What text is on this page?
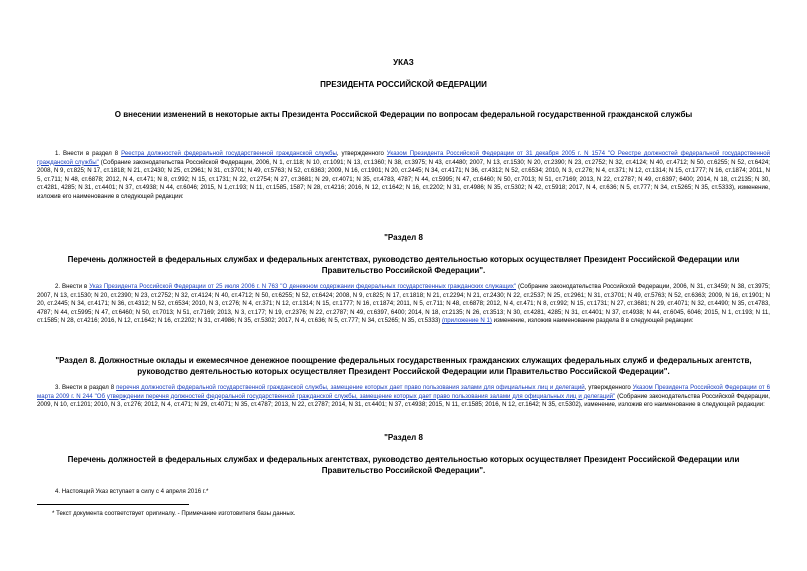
УКАЗ
ПРЕЗИДЕНТА РОССИЙСКОЙ ФЕДЕРАЦИИ
О внесении изменений в некоторые акты Президента Российской Федерации по вопросам федеральной государственной гражданской службы
1. Внести в раздел 8 Реестра должностей федеральной государственной гражданской службы, утвержденного Указом Президента Российской Федерации от 31 декабря 2005 г. N 1574 "О Реестре должностей федеральной государственной гражданской службы" (Собрание законодательства Российской Федерации, 2006, N 1, ст.118; N 10, ст.1091; N 13, ст.1360; N 38, ст.3975; N 43, ст.4480; 2007, N 13, ст.1530; N 20, ст.2390; N 23, ст.2752; N 32, ст.4124; N 40, ст.4712; N 50, ст.6255; N 52, ст.6424; 2008, N 9, ст.825; N 17, ст.1818; N 21, ст.2430; N 25, ст.2961; N 31, ст.3701; N 49, ст.5763; N 52, ст.6363; 2009, N 16, ст.1901; N 20, ст.2445; N 34, ст.4171; N 36, ст.4312; N 52, ст.6534; 2010, N 3, ст.276; N 4, ст.371; N 12, ст.1314; N 15, ст.1777; N 16, ст.1874; 2011, N 5, ст.711; N 48, ст.6878; 2012, N 4, ст.471; N 8, ст.992; N 15, ст.1731; N 22, ст.2754; N 27, ст.3681; N 29, ст.4071; N 35, ст.4783, 4787; N 44, ст.5995; N 47, ст.6460; N 50, ст.7013; N 51, ст.7169; 2013, N 22, ст.2787; N 49, ст.6397; 6400; 2014, N 18, ст.2135; N 30, ст.4281, 4285; N 31, ст.4401; N 37, ст.4938; N 44, ст.6046; 2015, N 1,ст.193; N 11, ст.1585, 1587; N 28, ст.4216; 2016, N 12, ст.1642; N 16, ст.2202; N 31, ст.4986; N 35, ст.5302; N 42, ст.5918; 2017, N 4, ст.636; N 5, ст.777; N 34, ст.5265; N 35, ст.5333), изменение, изложив его наименование в следующей редакции:
"Раздел 8
Перечень должностей в федеральных службах и федеральных агентствах, руководство деятельностью которых осуществляет Президент Российской Федерации или Правительство Российской Федерации".
2. Внести в Указ Президента Российской Федерации от 25 июля 2006 г. N 763 "О денежном содержании федеральных государственных гражданских служащих" (Собрание законодательства Российской Федерации, 2006, N 31, ст.3459; N 38, ст.3975; 2007, N 13, ст.1530; N 20, ст.2390; N 23, ст.2752; N 32, ст.4124; N 40, ст.4712; N 50, ст.6255; N 52, ст.6424; 2008, N 9, ст.825; N 17, ст.1818; N 21, ст.2294; N 21, ст.2430; N 22, ст.2537; N 25, ст.2961; N 31, ст.3701; N 49, ст.5763; N 52, ст.6363; 2009, N 16, ст.1901; N 20, ст.2445; N 34, ст.4171; N 36, ст.4312; N 52, ст.6534; 2010, N 3, ст.276; N 4, ст.371; N 12, ст.1314; N 15, ст.1777; N 16, ст.1874; 2011, N 5, ст.711; N 48, ст.6878; 2012, N 4, ст.471; N 8, ст.992; N 15, ст.1731; N 27, ст.3681; N 29, ст.4071; N 32, ст.4490; N 35, ст.4783, 4787; N 44, ст.5995; N 47, ст.6460; N 50, ст.7013; N 51, ст.7169; 2013, N 3, ст.177; N 19, ст.2376; N 22, ст.2787; N 49, ст.6397, 6400; 2014, N 18, ст.2135; N 26, ст.3513; N 30, ст.4281, 4285; N 31, ст.4401; N 37, ст.4938; N 44, ст.6045, 6046; 2015, N 1, ст.193; N 11, ст.1585; N 28, ст.4216; 2016, N 12, ст.1642; N 16, ст.2202; N 31, ст.4986; N 35, ст.5302; 2017, N 4, ст.636; N 5, ст.777; N 34, ст.5265; N 35, ст.5333) (приложение N 1) изменение, изложив наименование раздела 8 в следующей редакции:
"Раздел 8. Должностные оклады и ежемесячное денежное поощрение федеральных государственных гражданских служащих федеральных служб и федеральных агентств, руководство деятельностью которых осуществляет Президент Российской Федерации или Правительство Российской Федерации".
3. Внести в раздел 8 перечня должностей федеральной государственной гражданской службы, замещение которых дает право пользования залами для официальных лиц и делегаций, утвержденного Указом Президента Российской Федерации от 6 марта 2009 г. N 244 "Об утверждении перечня должностей федеральной государственной гражданской службы, замещение которых дает право пользования залами для официальных лиц и делегаций" (Собрание законодательства Российской Федерации, 2009, N 10, ст.1201; 2010, N 3, ст.276; 2012, N 4, ст.471; N 29, ст.4071; N 35, ст.4787; 2013, N 22, ст.2787; 2014, N 31, ст.4401; N 37, ст.4938; 2015, N 11, ст.1585; 2016, N 12, ст.1642; N 35, ст.5302), изменение, изложив его наименование в следующей редакции:
"Раздел 8
Перечень должностей в федеральных службах и федеральных агентствах, руководство деятельностью которых осуществляет Президент Российской Федерации или Правительство Российской Федерации".
4. Настоящий Указ вступает в силу с 4 апреля 2016 г.*
* Текст документа соответствует оригиналу. - Примечание изготовителя базы данных.
